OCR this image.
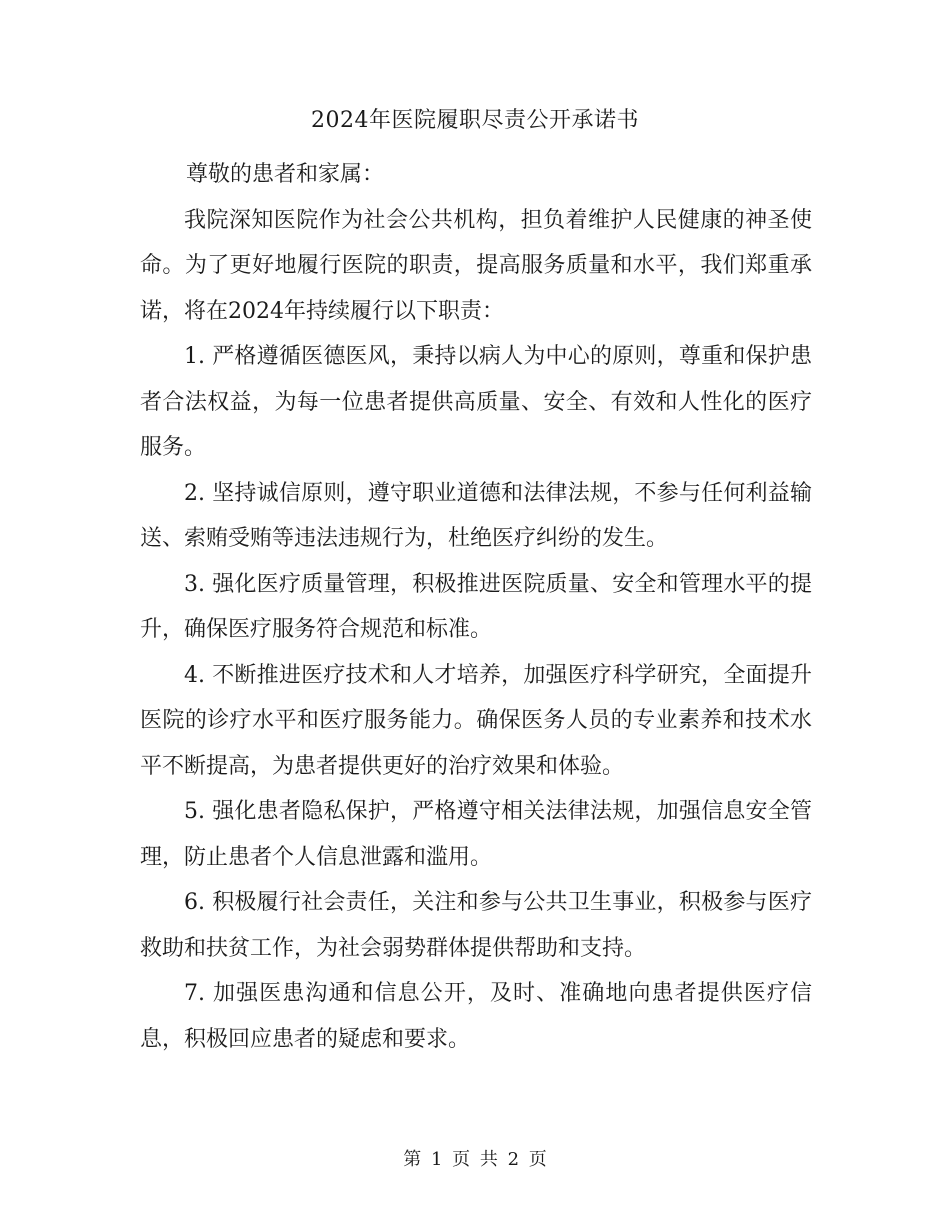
2024年医院履职尽责公开承诺书
尊敬的患者和家属：

我院深知医院作为社会公共机构，担负着维护人民健康的神圣使命。为了更好地履行医院的职责，提高服务质量和水平，我们郑重承诺，将在2024年持续履行以下职责：

1. 严格遵循医德医风，秉持以病人为中心的原则，尊重和保护患者合法权益，为每一位患者提供高质量、安全、有效和人性化的医疗服务。

2. 坚持诚信原则，遵守职业道德和法律法规，不参与任何利益输送、索贿受贿等违法违规行为，杜绝医疗纠纷的发生。

3. 强化医疗质量管理，积极推进医院质量、安全和管理水平的提升，确保医疗服务符合规范和标准。

4. 不断推进医疗技术和人才培养，加强医疗科学研究，全面提升医院的诊疗水平和医疗服务能力。确保医务人员的专业素养和技术水平不断提高，为患者提供更好的治疗效果和体验。

5. 强化患者隐私保护，严格遵守相关法律法规，加强信息安全管理，防止患者个人信息泄露和滥用。

6. 积极履行社会责任，关注和参与公共卫生事业，积极参与医疗救助和扶贫工作，为社会弱势群体提供帮助和支持。

7. 加强医患沟通和信息公开，及时、准确地向患者提供医疗信息，积极回应患者的疑虑和要求。

第 1 页 共 2 页
